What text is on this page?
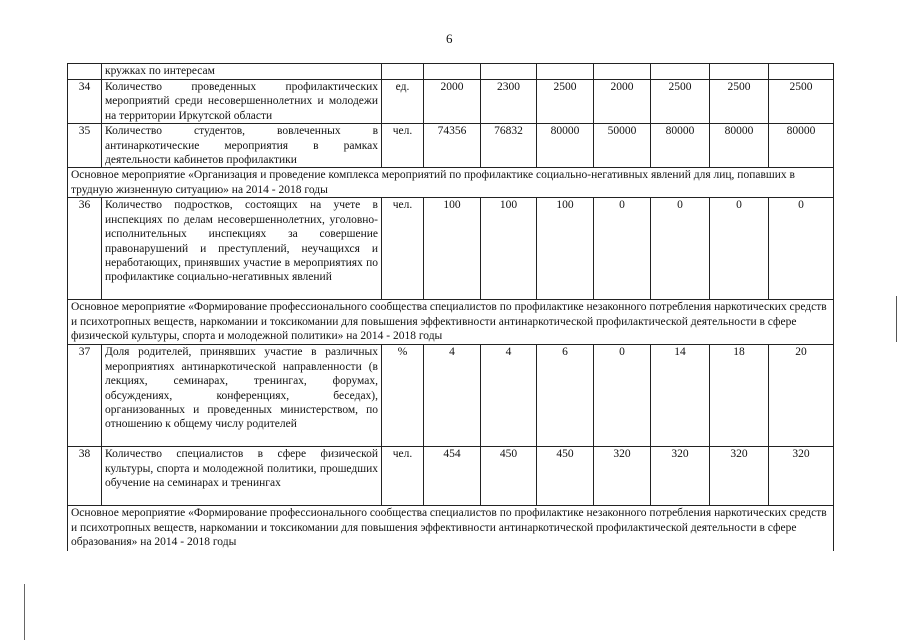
6
	кружках по интересам								
34	Количество проведенных профилактических мероприятий среди несовершеннолетних и молодежи на территории Иркутской области	ед.	2000	2300	2500	2000	2500	2500	2500
35	Количество студентов, вовлеченных в антинаркотические мероприятия в рамках деятельности кабинетов профилактики	чел.	74356	76832	80000	50000	80000	80000	80000
Основное мероприятие «Организация и проведение комплекса мероприятий по профилактике социально-негативных явлений для лиц, попавших в трудную жизненную ситуацию» на 2014 - 2018 годы									
36	Количество подростков, состоящих на учете в инспекциях по делам несовершеннолетних, уголовно-исполнительных инспекциях за совершение правонарушений и преступлений, неучащихся и неработающих, принявших участие в мероприятиях по профилактике социально-негативных явлений	чел.	100	100	100	0	0	0	0
Основное мероприятие «Формирование профессионального сообщества специалистов по профилактике незаконного потребления наркотических средств и психотропных веществ, наркомании и токсикомании для повышения эффективности антинаркотической профилактической деятельности в сфере физической культуры, спорта и молодежной политики» на 2014 - 2018 годы									
37	Доля родителей, принявших участие в различных мероприятиях антинаркотической направленности (в лекциях, семинарах, тренингах, форумах, обсуждениях, конференциях, беседах), организованных и проведенных министерством, по отношению к общему числу родителей	%	4	4	6	0	14	18	20
38	Количество специалистов в сфере физической культуры, спорта и молодежной политики, прошедших обучение на семинарах и тренингах	чел.	454	450	450	320	320	320	320
Основное мероприятие «Формирование профессионального сообщества специалистов по профилактике незаконного потребления наркотических средств и психотропных веществ, наркомании и токсикомании для повышения эффективности антинаркотической профилактической деятельности в сфере образования» на 2014 - 2018 годы									
